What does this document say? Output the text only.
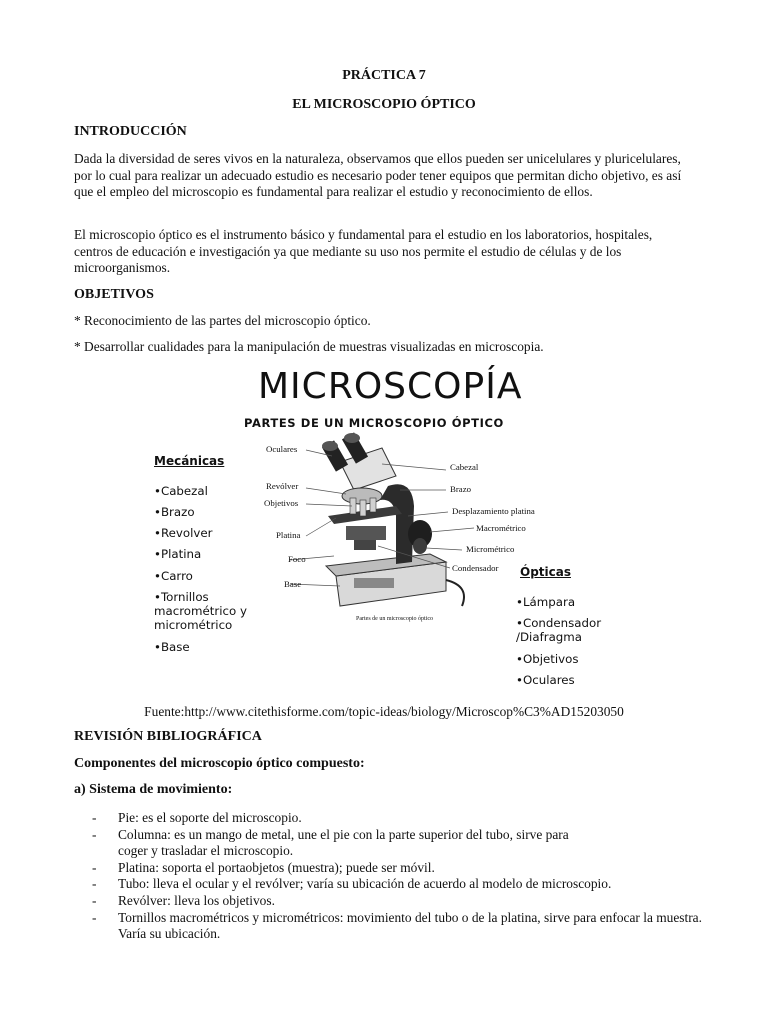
PRÁCTICA 7
EL MICROSCOPIO ÓPTICO
INTRODUCCIÓN
Dada la diversidad de seres vivos en la naturaleza, observamos que ellos pueden ser unicelulares y pluricelulares, por lo cual para realizar un adecuado estudio es necesario poder tener equipos que permitan dicho objetivo, es así que el empleo del microscopio es fundamental para realizar el estudio y reconocimiento de ellos.
El microscopio óptico es el instrumento básico y fundamental para el estudio en los laboratorios, hospitales, centros de educación e investigación ya que mediante su uso nos permite el estudio de células y de los microorganismos.
OBJETIVOS
* Reconocimiento de las partes del microscopio óptico.
* Desarrollar cualidades para la manipulación de muestras visualizadas en microscopia.
MICROSCOPÍA
PARTES DE UN MICROSCOPIO ÓPTICO
Mecánicas
•Cabezal
•Brazo
•Revolver
•Platina
•Carro
•Tornillos macrométrico y micrométrico
•Base
Ópticas
•Lámpara
•Condensador /Diafragma
•Objetivos
•Oculares
Oculares
Revólver
Objetivos
Platina
Foco
Base
Cabezal
Brazo
Desplazamiento platina
Macrométrico
Micrométrico
Condensador
Partes de un microscopio óptico
Fuente:http://www.citethisforme.com/topic-ideas/biology/Microscop%C3%AD15203050
REVISIÓN BIBLIOGRÁFICA
Componentes del microscopio óptico compuesto:
a) Sistema de movimiento:
- Pie: es el soporte del microscopio.
- Columna: es un mango de metal, une el pie con la parte superior del tubo, sirve para coger y trasladar el microscopio.
- Platina: soporta el portaobjetos (muestra); puede ser móvil.
- Tubo: lleva el ocular y el revólver; varía su ubicación de acuerdo al modelo de microscopio.
- Revólver: lleva los objetivos.
- Tornillos macrométricos y micrométricos: movimiento del tubo o de la platina, sirve para enfocar la muestra. Varía su ubicación.
